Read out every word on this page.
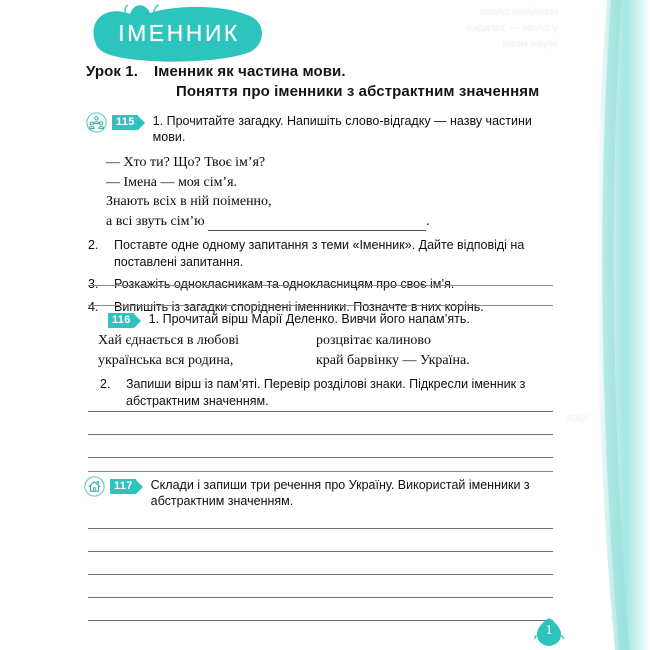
пізнаймо слово
у слові — загадка
звуки мови
Урок
ІМЕННИК
Урок 1. Іменник як частина мови.
Поняття про іменники з абстрактним значенням
115 1. Прочитайте загадку. Напишіть слово-відгадку — назву частини мови.
— Хто ти? Що? Твоє ім’я?
— Імена — моя сім’я.
Знають всіх в ній поіменно,
а всі звуть сім’ю	.
2.	Поставте одне одному запитання з теми «Іменник». Дайте відповіді на поставлені запитання.
3.	Розкажіть однокласникам та однокласницям про своє ім’я.
4.	Випишіть із загадки споріднені іменники. Позначте в них корінь.
116 1. Прочитай вірш Марії Деленко. Вивчи його напам’ять.
Хай єднається в любові	розцвітає калиново
українська вся родина,	край барвінку — Україна.
2.	Запиши вірш із пам’яті. Перевір розділові знаки. Підкресли іменник з абстрактним значенням.
117 Склади і запиши три речення про Україну. Використай іменники з абстрактним значенням.
1
